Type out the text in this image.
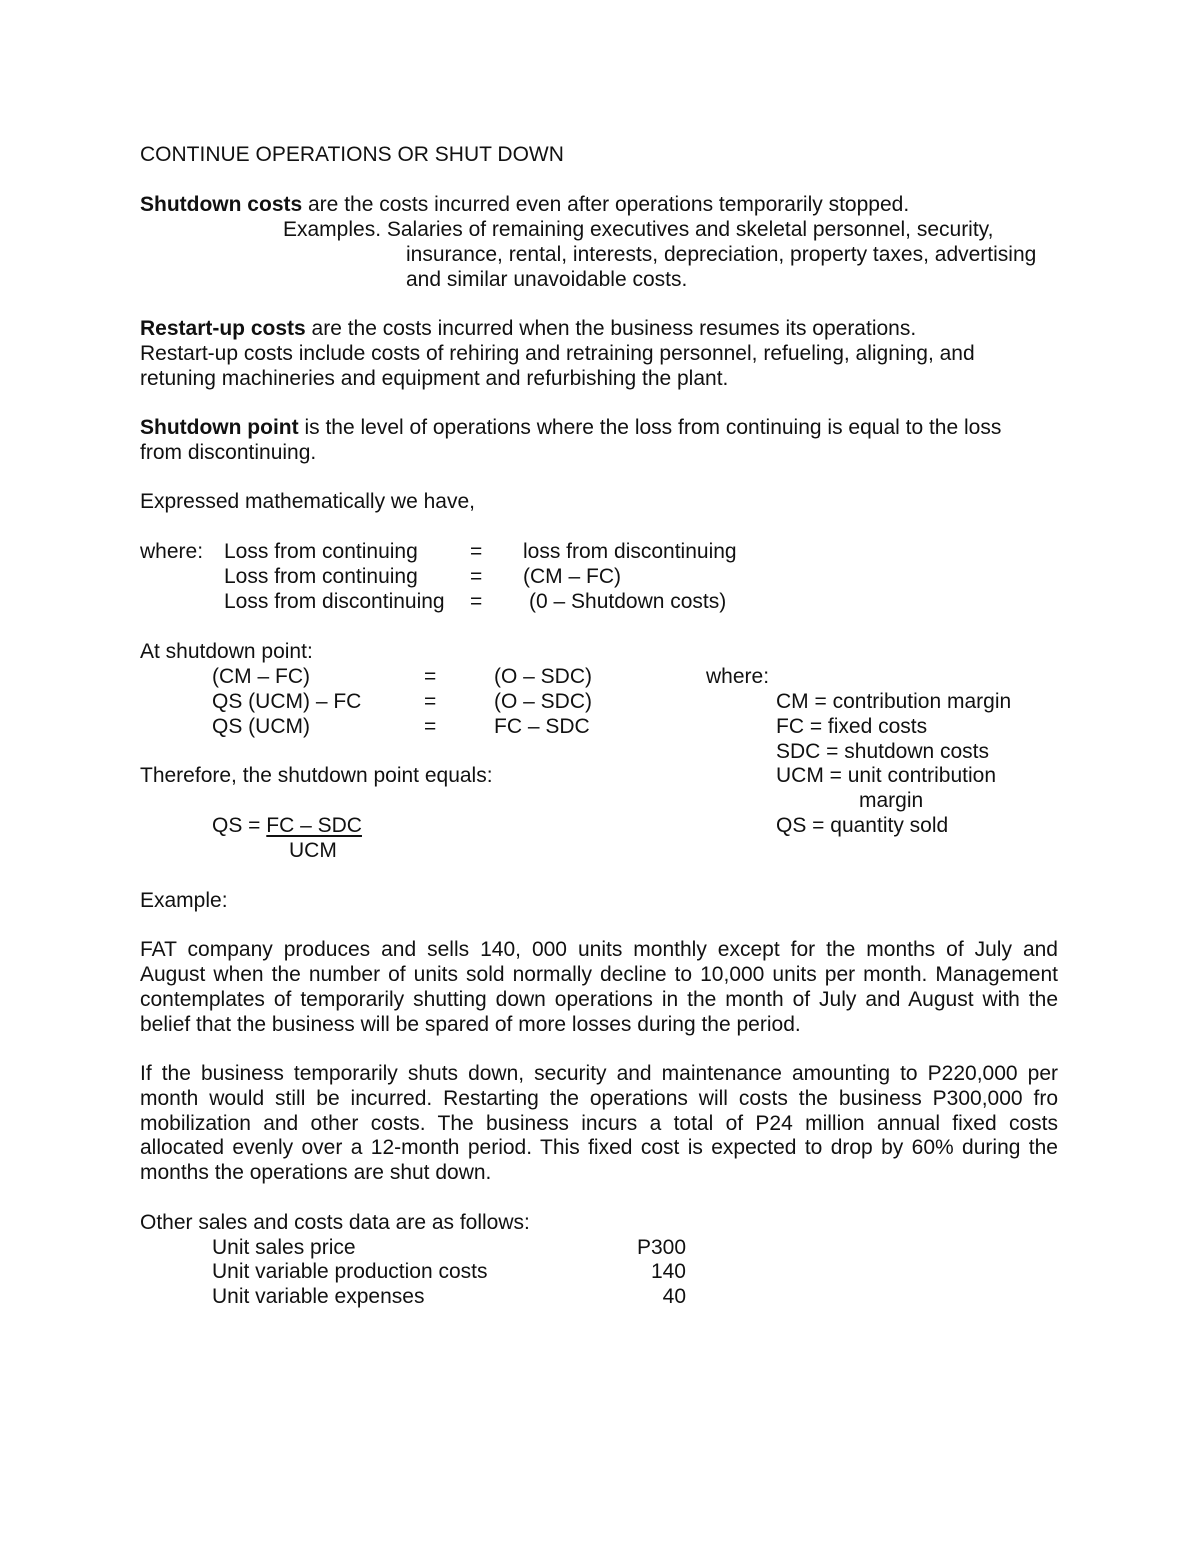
CONTINUE OPERATIONS OR SHUT DOWN
Shutdown costs are the costs incurred even after operations temporarily stopped.
Examples. Salaries of remaining executives and skeletal personnel, security,
insurance, rental, interests, depreciation, property taxes, advertising
and similar unavoidable costs.
Restart-up costs are the costs incurred when the business resumes its operations.
Restart-up costs include costs of rehiring and retraining personnel, refueling, aligning, and
retuning machineries and equipment and refurbishing the plant.
Shutdown point is the level of operations where the loss from continuing is equal to the loss
from discontinuing.
Expressed mathematically we have,
where: Loss from continuing = loss from discontinuing
Loss from continuing = (CM – FC)
Loss from discontinuing = (0 – Shutdown costs)
At shutdown point:
(CM – FC)	=	(O – SDC)
QS (UCM) – FC	=	(O – SDC)
QS (UCM)	=	FC – SDC
where:
CM = contribution margin
FC = fixed costs
SDC = shutdown costs
UCM = unit contribution
margin
QS = quantity sold
Therefore, the shutdown point equals:
QS = FC – SDC
UCM
Example:
FAT company produces and sells 140, 000 units monthly except for the months of July and
August when the number of units sold normally decline to 10,000 units per month. Management
contemplates of temporarily shutting down operations in the month of July and August with the
belief that the business will be spared of more losses during the period.
If the business temporarily shuts down, security and maintenance amounting to P220,000 per
month would still be incurred. Restarting the operations will costs the business P300,000 fro
mobilization and other costs. The business incurs a total of P24 million annual fixed costs
allocated evenly over a 12-month period. This fixed cost is expected to drop by 60% during the
months the operations are shut down.
Other sales and costs data are as follows:
Unit sales price	P300
Unit variable production costs	140
Unit variable expenses	40
